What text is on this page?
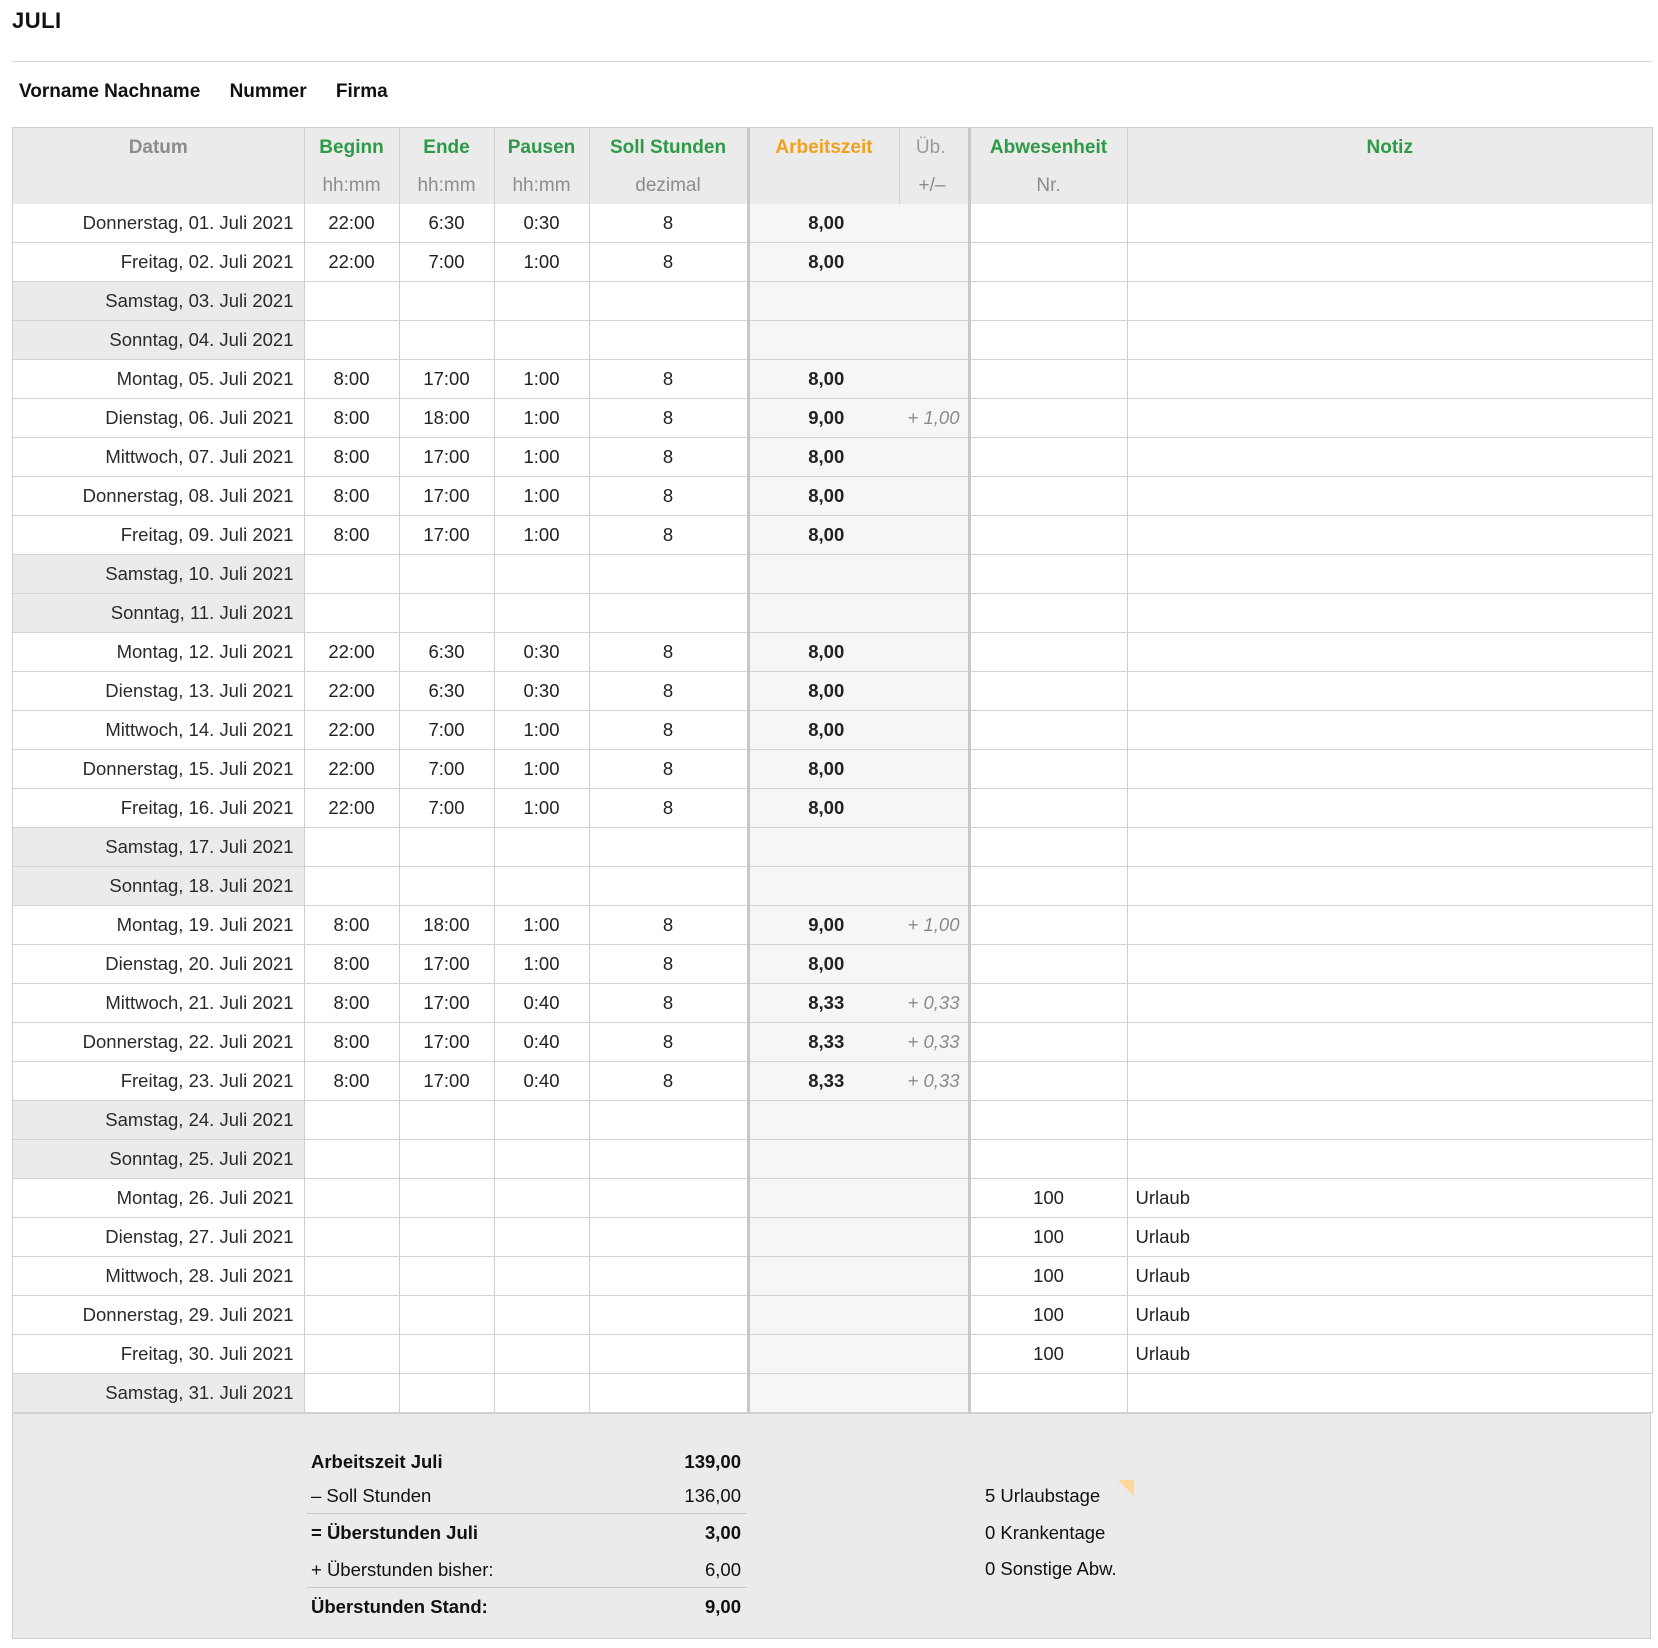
JULI
Vorname Nachname Nummer Firma
Datum	Beginn	Ende	Pausen	Soll Stunden	Arbeitszeit	Üb.	Abwesenheit	Notiz
	hh:mm	hh:mm	hh:mm	dezimal		+/–	Nr.	
Donnerstag, 01. Juli 2021	22:00	6:30	0:30	8	8,00			
Freitag, 02. Juli 2021	22:00	7:00	1:00	8	8,00			
Samstag, 03. Juli 2021								
Sonntag, 04. Juli 2021								
Montag, 05. Juli 2021	8:00	17:00	1:00	8	8,00			
Dienstag, 06. Juli 2021	8:00	18:00	1:00	8	9,00	+ 1,00		
Mittwoch, 07. Juli 2021	8:00	17:00	1:00	8	8,00			
Donnerstag, 08. Juli 2021	8:00	17:00	1:00	8	8,00			
Freitag, 09. Juli 2021	8:00	17:00	1:00	8	8,00			
Samstag, 10. Juli 2021								
Sonntag, 11. Juli 2021								
Montag, 12. Juli 2021	22:00	6:30	0:30	8	8,00			
Dienstag, 13. Juli 2021	22:00	6:30	0:30	8	8,00			
Mittwoch, 14. Juli 2021	22:00	7:00	1:00	8	8,00			
Donnerstag, 15. Juli 2021	22:00	7:00	1:00	8	8,00			
Freitag, 16. Juli 2021	22:00	7:00	1:00	8	8,00			
Samstag, 17. Juli 2021								
Sonntag, 18. Juli 2021								
Montag, 19. Juli 2021	8:00	18:00	1:00	8	9,00	+ 1,00		
Dienstag, 20. Juli 2021	8:00	17:00	1:00	8	8,00			
Mittwoch, 21. Juli 2021	8:00	17:00	0:40	8	8,33	+ 0,33		
Donnerstag, 22. Juli 2021	8:00	17:00	0:40	8	8,33	+ 0,33		
Freitag, 23. Juli 2021	8:00	17:00	0:40	8	8,33	+ 0,33		
Samstag, 24. Juli 2021								
Sonntag, 25. Juli 2021								
Montag, 26. Juli 2021							100	Urlaub
Dienstag, 27. Juli 2021							100	Urlaub
Mittwoch, 28. Juli 2021							100	Urlaub
Donnerstag, 29. Juli 2021							100	Urlaub
Freitag, 30. Juli 2021							100	Urlaub
Samstag, 31. Juli 2021								
Arbeitszeit Juli	139,00
– Soll Stunden	136,00
= Überstunden Juli	3,00
+ Überstunden bisher:	6,00
Überstunden Stand:	9,00
5 Urlaubstage
0 Krankentage
0 Sonstige Abw.
